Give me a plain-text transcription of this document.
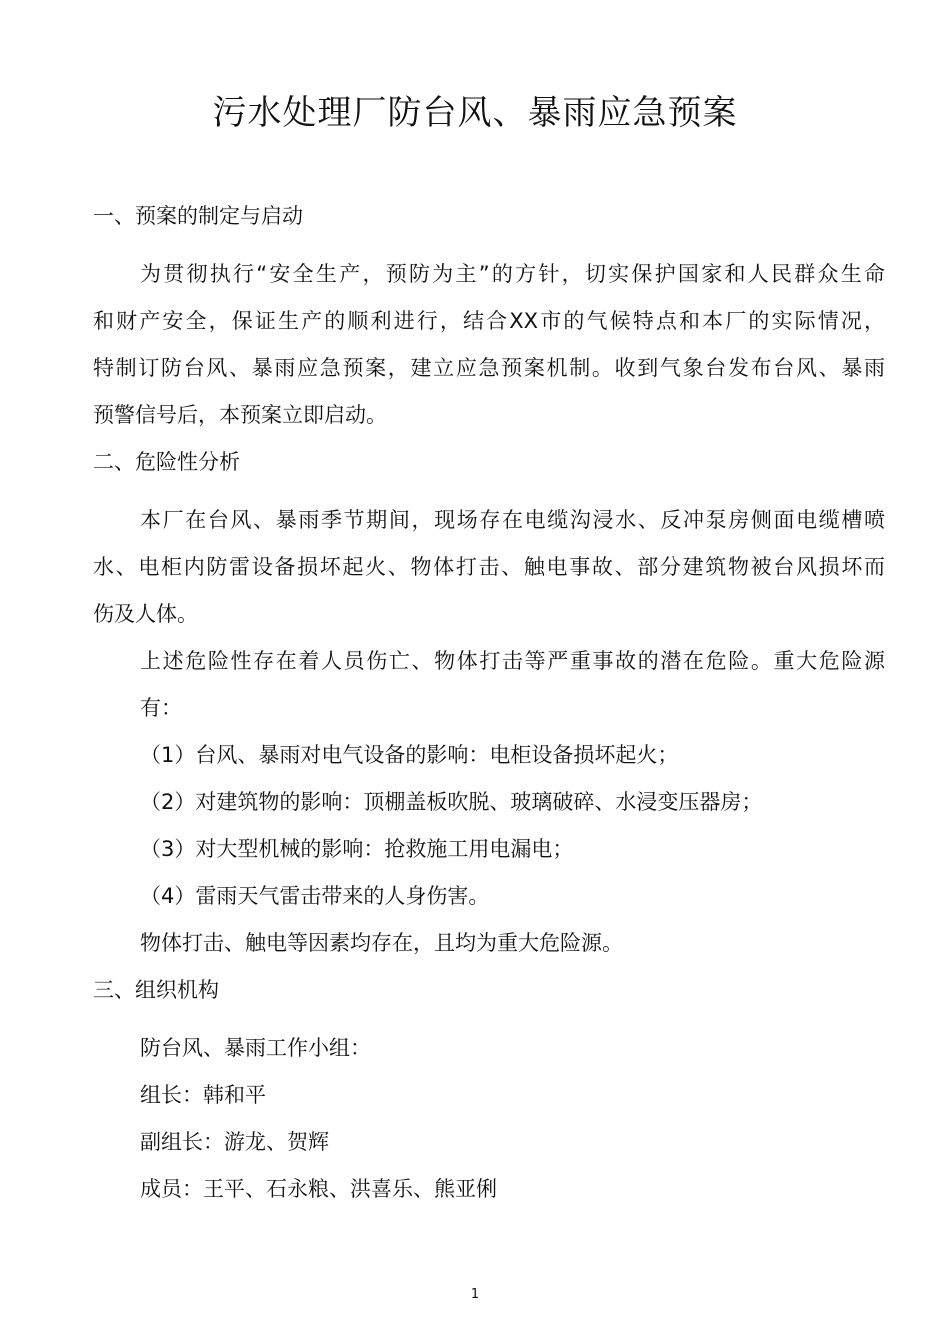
污水处理厂防台风、暴雨应急预案
一、预案的制定与启动
为贯彻执行“安全生产，预防为主”的方针，切实保护国家和人民群众生命
和财产安全，保证生产的顺利进行，结合XX市的气候特点和本厂的实际情况，
特制订防台风、暴雨应急预案，建立应急预案机制。收到气象台发布台风、暴雨
预警信号后，本预案立即启动。
二、危险性分析
本厂在台风、暴雨季节期间，现场存在电缆沟浸水、反冲泵房侧面电缆槽喷
水、电柜内防雷设备损坏起火、物体打击、触电事故、部分建筑物被台风损坏而
伤及人体。
上述危险性存在着人员伤亡、物体打击等严重事故的潜在危险。重大危险源
有：
（1）台风、暴雨对电气设备的影响：电柜设备损坏起火；
（2）对建筑物的影响：顶棚盖板吹脱、玻璃破碎、水浸变压器房；
（3）对大型机械的影响：抢救施工用电漏电；
（4）雷雨天气雷击带来的人身伤害。
物体打击、触电等因素均存在，且均为重大危险源。
三、组织机构
防台风、暴雨工作小组：
组长：韩和平
副组长：游龙、贺辉
成员：王平、石永粮、洪喜乐、熊亚俐
1
